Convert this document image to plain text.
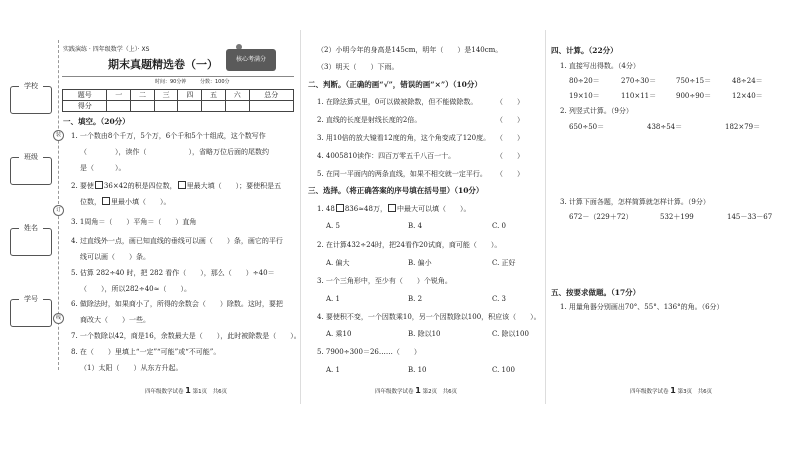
学校
班级
姓名
学号
装
订
线
实践演练 · 四年级数学（上）· XS
期末真题精选卷（一）	核心考满分
时间：90分钟	分数：100分
题号	一	二	三	四	五	六	总分
得分							
一、填空。（20分）
1. 一个数由8个千万，5个万，6个千和5个十组成，这个数写作
（　　　　），读作（　　　　　　），省略万位后面的尾数约
是（　　　）。
2. 要使 36×42的积是四位数， 里最大填（　　）；要使积是五
位数， 里最小填（　　）。
3. 1周角＝（　　）平角＝（　　）直角
4. 过直线外一点，画已知直线的垂线可以画（　　）条，画它的平行
线可以画（　　）条。
5. 估算 282÷40 时，把 282 看作（　　），那么（　　）÷40＝
（　　），所以282÷40≈（　　）。
6. 做除法时，如果商小了，所得的余数会（　　）除数。这时，要把
商改大（　　）一些。
7. 一个数除以42，商是16，余数最大是（　　），此时被除数是（　　）。
8. 在（　　）里填上“一定”“可能”或“不可能”。
（1）太阳（　　）从东方升起。
四年级数学试卷 1 第1页　共6页
（2）小明今年的身高是145cm，明年（　　）是140cm。
（3）明天（　　）下雨。
二、判断。（正确的画“√”，错误的画“×”）（10分）
1. 在除法算式里，0可以做被除数，但不能做除数。	（　　）
2. 直线的长度是射线长度的2倍。	（　　）
3. 用10倍的放大镜看12度的角，这个角变成了120度。 （　　）
4. 4005810读作：四百万零五千八百一十。	（　　）
5. 在同一平面内的两条直线，如果不相交就一定平行。 （　　）
三、选择。（将正确答案的序号填在括号里）（10分）
1. 48 836≈48万， 中最大可以填（　　）。
A. 5	B. 4	C. 0
2. 在计算432÷24时，把24看作20试商，商可能（　　）。
A. 偏大	B. 偏小	C. 正好
3. 一个三角形中，至少有（　　）个锐角。
A. 1	B. 2	C. 3
4. 要使积不变，一个因数乘10，另一个因数除以100，积应该（　　）。
A. 乘10	B. 除以10	C. 除以100
5. 7900÷300＝26……（　　）
A. 1	B. 10	C. 100
四年级数学试卷 1 第2页　共6页
四、计算。（22分）
1. 直接写出得数。（4分）
80÷20＝	270÷30＝	750÷15＝	48÷24＝
19×10＝	110×11＝	900÷90＝	12×40＝
2. 列竖式计算。（9分）
650÷50＝	438÷54＝	182×79＝
3. 计算下面各题，怎样简算就怎样计算。（9分）
672－（229＋72）	532＋199	145－33－67
五、按要求做题。（17分）
1. 用量角器分别画出70°、55°、136°的角。（6分）
四年级数学试卷 1 第3页　共6页
